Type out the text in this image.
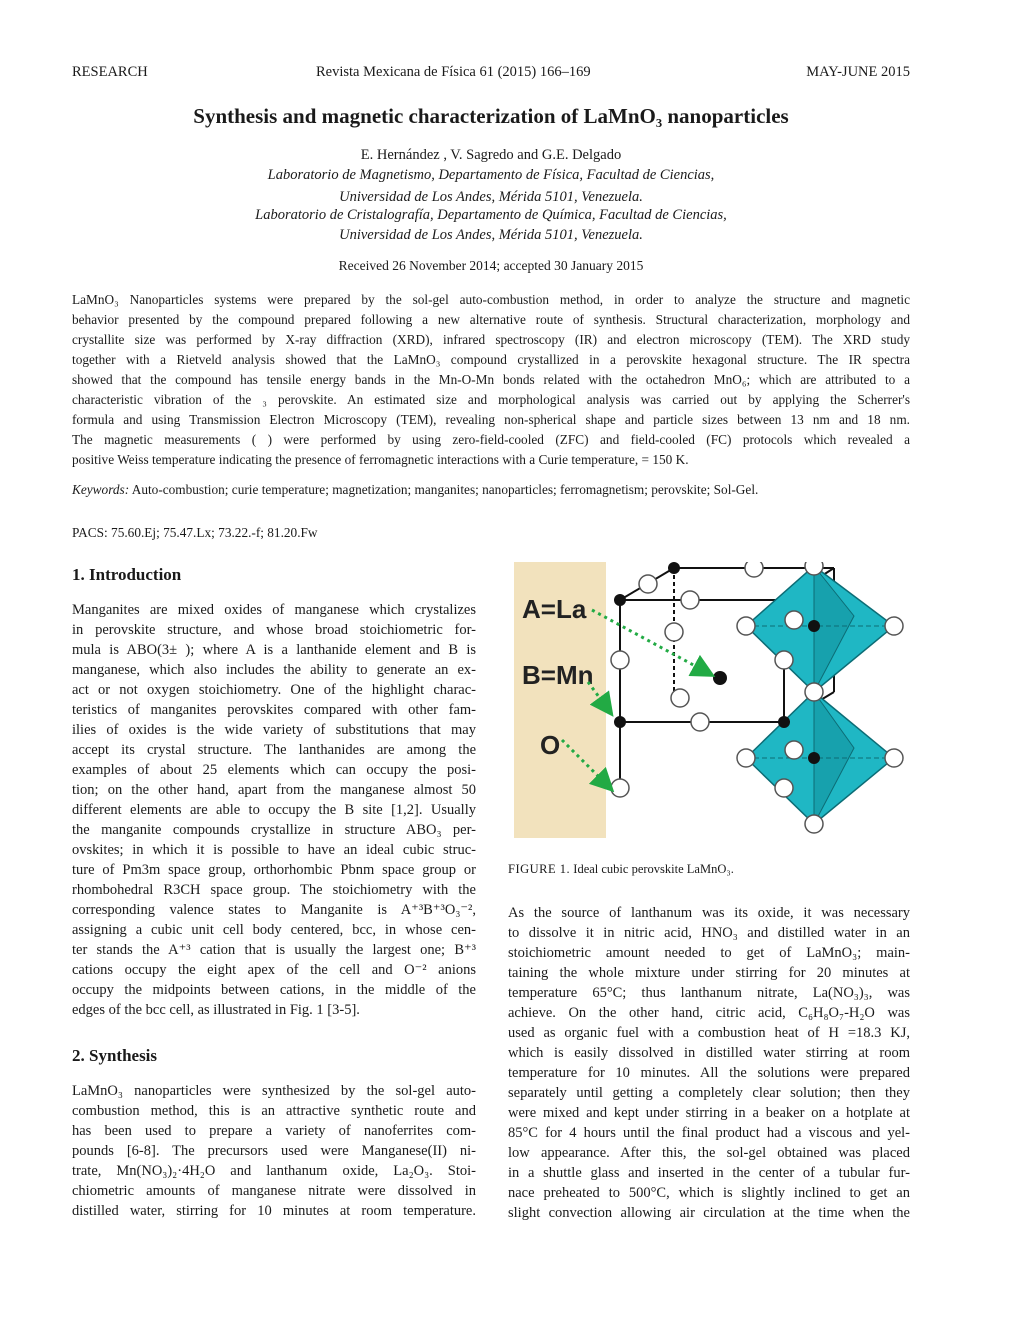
RESEARCH	Revista Mexicana de Física 61 (2015) 166–169	MAY-JUNE 2015
Synthesis and magnetic characterization of LaMnO₃ nanoparticles
E. Hernández , V. Sagredo and G.E. Delgado
Laboratorio de Magnetismo, Departamento de Física, Facultad de Ciencias,
Universidad de Los Andes, Mérida 5101, Venezuela.
Laboratorio de Cristalografía, Departamento de Química, Facultad de Ciencias,
Universidad de Los Andes, Mérida 5101, Venezuela.
Received 26 November 2014; accepted 30 January 2015
LaMnO₃ Nanoparticles systems were prepared by the sol-gel auto-combustion method, in order to analyze the structure and magnetic
behavior presented by the compound prepared following a new alternative route of synthesis. Structural characterization, morphology and
crystallite size was performed by X-ray diffraction (XRD), infrared spectroscopy (IR) and electron microscopy (TEM). The XRD study
together with a Rietveld analysis showed that the LaMnO₃ compound crystallized in a perovskite hexagonal structure. The IR spectra
showed that the compound has tensile energy bands in the Mn-O-Mn bonds related with the octahedron MnO₆; which are attributed to a
characteristic vibration of the ₃ perovskite. An estimated size and morphological analysis was carried out by applying the Scherrer's
formula and using Transmission Electron Microscopy (TEM), revealing non-spherical shape and particle sizes between 13 nm and 18 nm.
The magnetic measurements ( ) were performed by using zero-field-cooled (ZFC) and field-cooled (FC) protocols which revealed a
positive Weiss temperature indicating the presence of ferromagnetic interactions with a Curie temperature, = 150 K.
Keywords: Auto-combustion; curie temperature; magnetization; manganites; nanoparticles; ferromagnetism; perovskite; Sol-Gel.
PACS: 75.60.Ej; 75.47.Lx; 73.22.-f; 81.20.Fw
1. Introduction
Manganites are mixed oxides of manganese which crystalizes
in perovskite structure, and whose broad stoichiometric for-
mula is ABO(3± ); where A is a lanthanide element and B is
manganese, which also includes the ability to generate an ex-
act or not oxygen stoichiometry. One of the highlight charac-
teristics of manganites perovskites compared with other fam-
ilies of oxides is the wide variety of substitutions that may
accept its crystal structure. The lanthanides are among the
examples of about 25 elements which can occupy the posi-
tion; on the other hand, apart from the manganese almost 50
different elements are able to occupy the B site [1,2]. Usually
the manganite compounds crystallize in structure ABO₃ per-
ovskites; in which it is possible to have an ideal cubic struc-
ture of Pm3m space group, orthorhombic Pbnm space group or
rhombohedral R3CH space group. The stoichiometry with the
corresponding valence states to Manganite is A⁺³B⁺³O₃⁻²,
assigning a cubic unit cell body centered, bcc, in whose cen-
ter stands the A⁺³ cation that is usually the largest one; B⁺³
cations occupy the eight apex of the cell and O⁻² anions
occupy the midpoints between cations, in the middle of the
edges of the bcc cell, as illustrated in Fig. 1 [3-5].
2. Synthesis
LaMnO₃ nanoparticles were synthesized by the sol-gel auto-
combustion method, this is an attractive synthetic route and
has been used to prepare a variety of nanoferrites com-
pounds [6-8]. The precursors used were Manganese(II) ni-
trate, Mn(NO₃)₂·4H₂O and lanthanum oxide, La₂O₃. Stoi-
chiometric amounts of manganese nitrate were dissolved in
distilled water, stirring for 10 minutes at room temperature.
A=La
B=Mn
O
FIGURE 1. Ideal cubic perovskite LaMnO₃.
As the source of lanthanum was its oxide, it was necessary
to dissolve it in nitric acid, HNO₃ and distilled water in an
stoichiometric amount needed to get of LaMnO₃; main-
taining the whole mixture under stirring for 20 minutes at
temperature 65°C; thus lanthanum nitrate, La(NO₃)₃, was
achieve. On the other hand, citric acid, C₆H₈O₇-H₂O was
used as organic fuel with a combustion heat of H =18.3 KJ,
which is easily dissolved in distilled water stirring at room
temperature for 10 minutes. All the solutions were prepared
separately until getting a completely clear solution; then they
were mixed and kept under stirring in a beaker on a hotplate at
85°C for 4 hours until the final product had a viscous and yel-
low appearance. After this, the sol-gel obtained was placed
in a shuttle glass and inserted in the center of a tubular fur-
nace preheated to 500°C, which is slightly inclined to get an
slight convection allowing air circulation at the time when the
